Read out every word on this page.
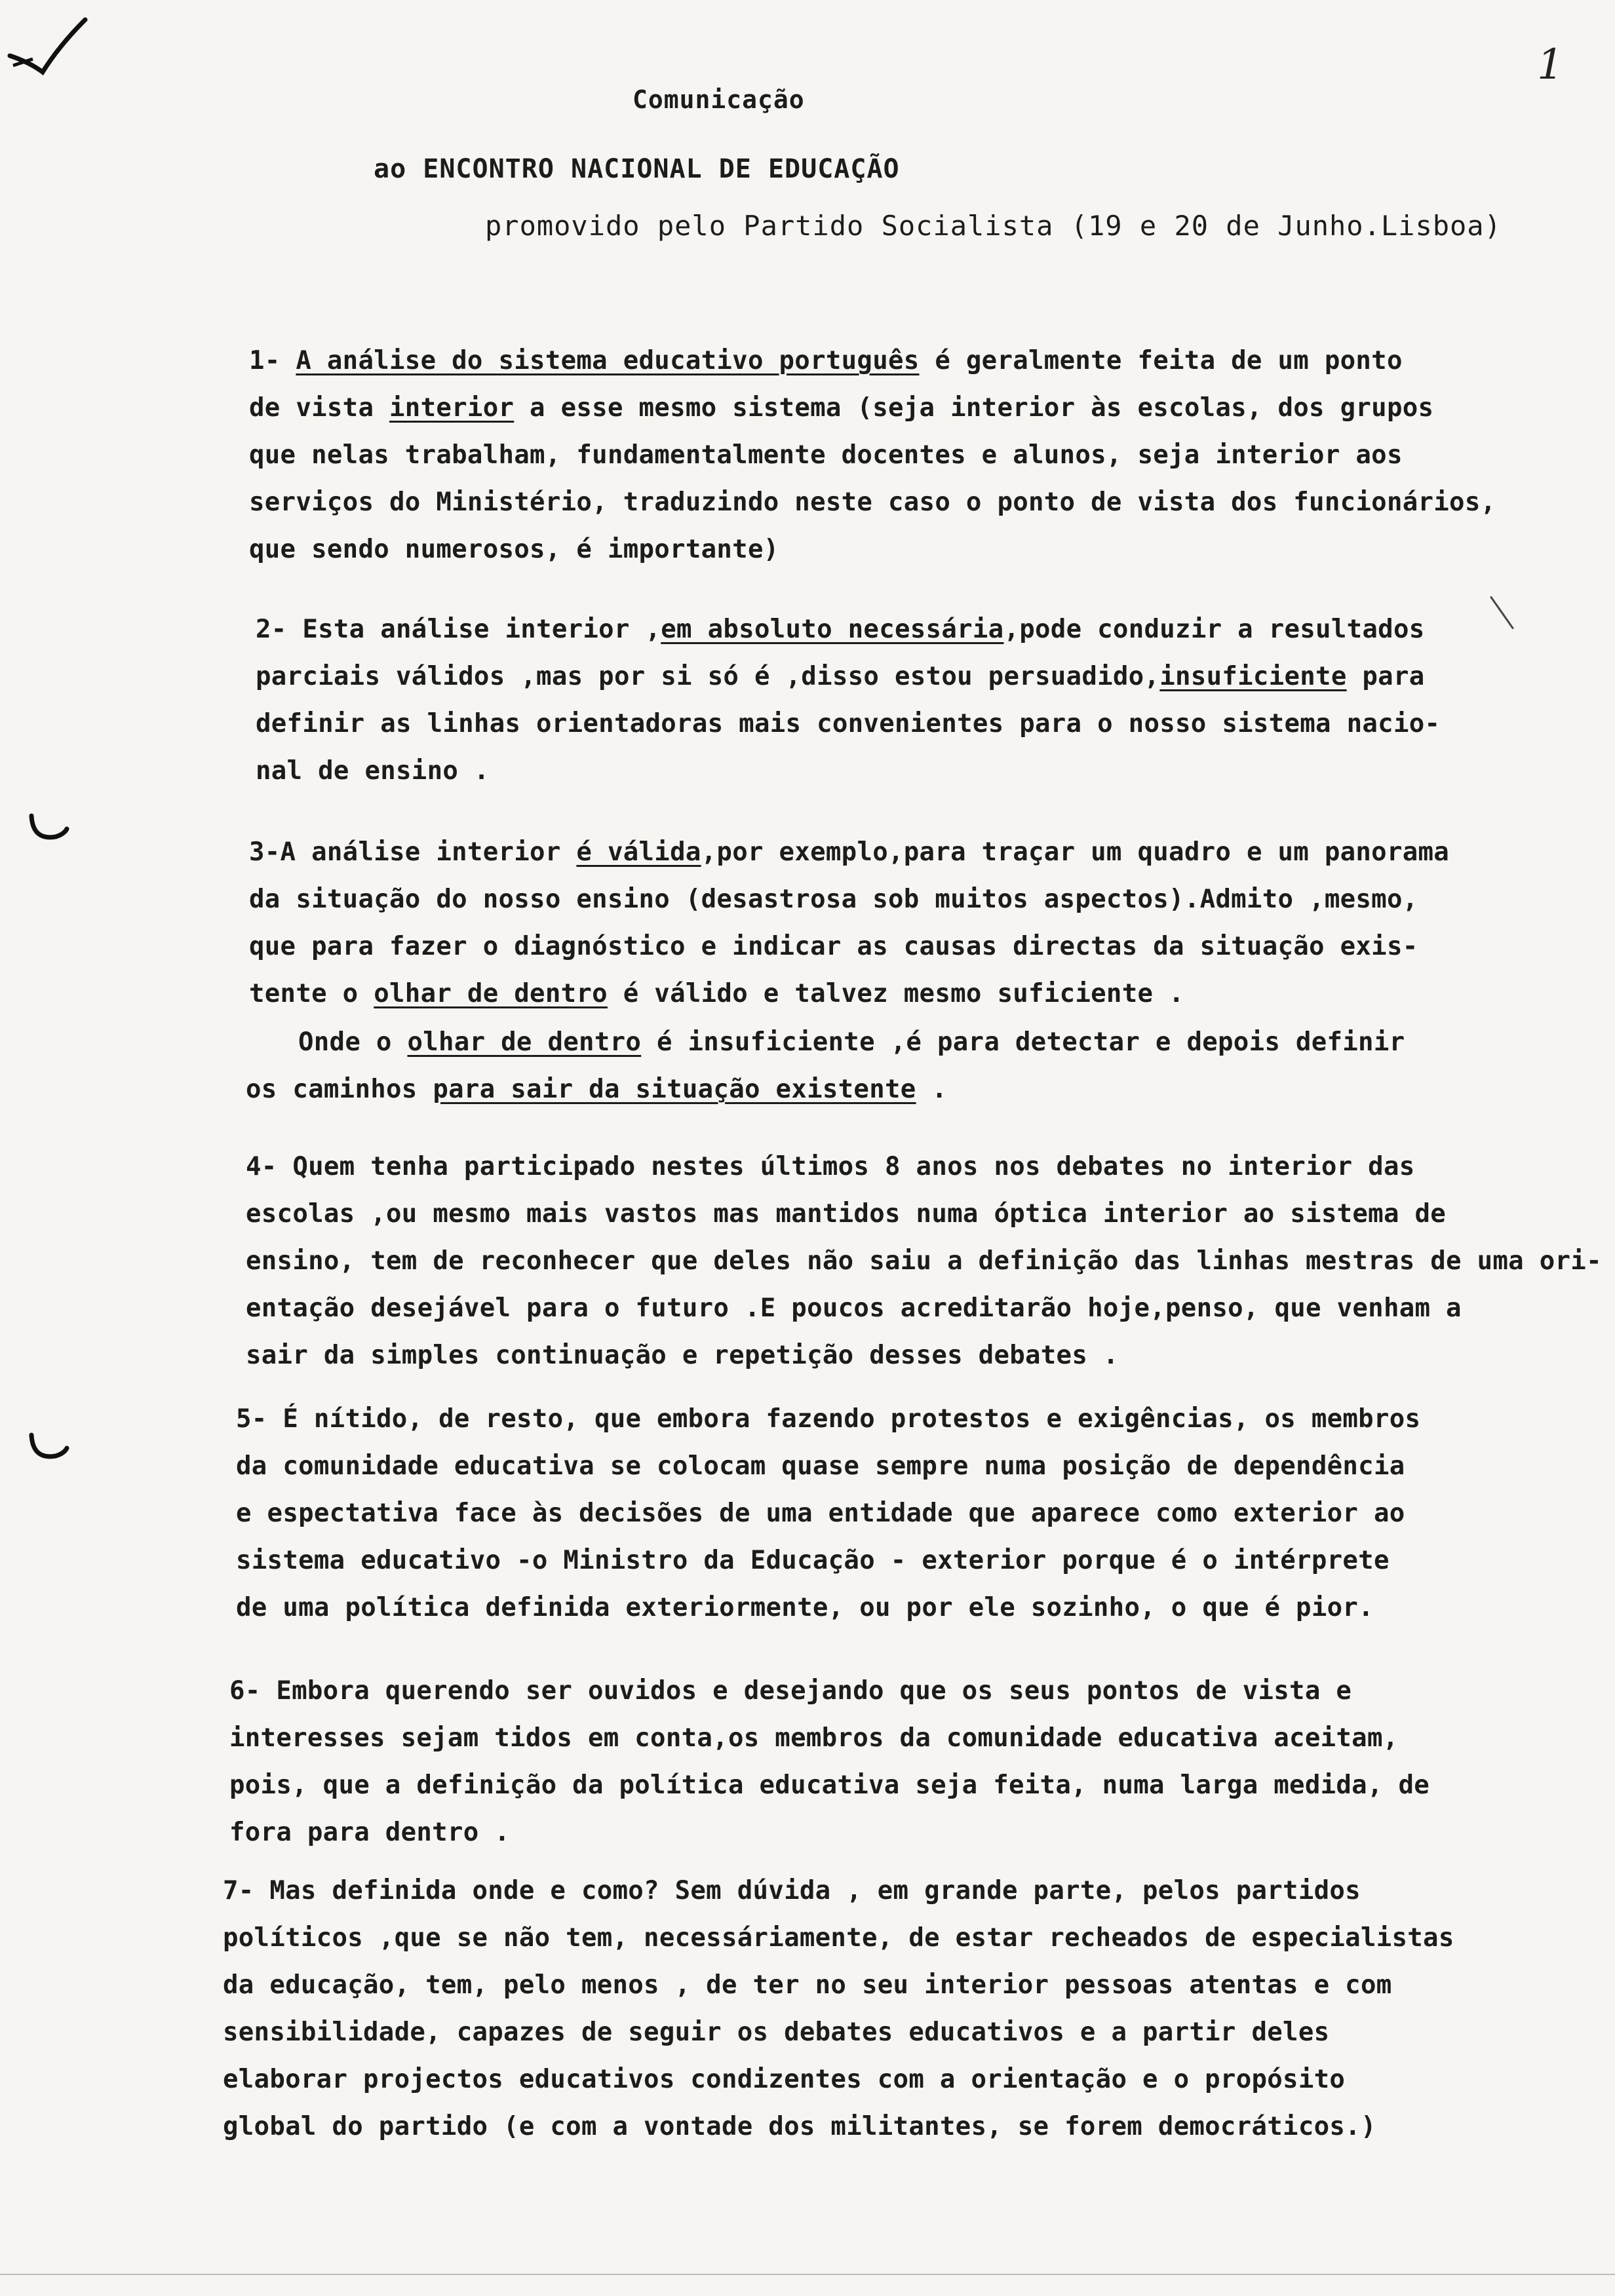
1
Comunicação
ao ENCONTRO NACIONAL DE EDUCAÇÃO
promovido pelo Partido Socialista (19 e 20 de Junho.Lisboa)
1- A análise do sistema educativo português é geralmente feita de um ponto
de vista interior a esse mesmo sistema (seja interior às escolas, dos grupos
que nelas trabalham, fundamentalmente docentes e alunos, seja interior aos
serviços do Ministério, traduzindo neste caso o ponto de vista dos funcionários,
que sendo numerosos, é importante)
2- Esta análise interior ,em absoluto necessária,pode conduzir a resultados
parciais válidos ,mas por si só é ,disso estou persuadido,insuficiente para
definir as linhas orientadoras mais convenientes para o nosso sistema nacio-
nal de ensino .
3-A análise interior é válida,por exemplo,para traçar um quadro e um panorama
da situação do nosso ensino (desastrosa sob muitos aspectos).Admito ,mesmo,
que para fazer o diagnóstico e indicar as causas directas da situação exis-
tente o olhar de dentro é válido e talvez mesmo suficiente .
Onde o olhar de dentro é insuficiente ,é para detectar e depois definir
os caminhos para sair da situação existente .
4- Quem tenha participado nestes últimos 8 anos nos debates no interior das
escolas ,ou mesmo mais vastos mas mantidos numa óptica interior ao sistema de
ensino, tem de reconhecer que deles não saiu a definição das linhas mestras de uma ori-
entação desejável para o futuro .E poucos acreditarão hoje,penso, que venham a
sair da simples continuação e repetição desses debates .
5- É nítido, de resto, que embora fazendo protestos e exigências, os membros
da comunidade educativa se colocam quase sempre numa posição de dependência
e espectativa face às decisões de uma entidade que aparece como exterior ao
sistema educativo -o Ministro da Educação - exterior porque é o intérprete
de uma política definida exteriormente, ou por ele sozinho, o que é pior.
6- Embora querendo ser ouvidos e desejando que os seus pontos de vista e
interesses sejam tidos em conta,os membros da comunidade educativa aceitam,
pois, que a definição da política educativa seja feita, numa larga medida, de
fora para dentro .
7- Mas definida onde e como? Sem dúvida , em grande parte, pelos partidos
políticos ,que se não tem, necessáriamente, de estar recheados de especialistas
da educação, tem, pelo menos , de ter no seu interior pessoas atentas e com
sensibilidade, capazes de seguir os debates educativos e a partir deles
elaborar projectos educativos condizentes com a orientação e o propósito
global do partido (e com a vontade dos militantes, se forem democráticos.)
